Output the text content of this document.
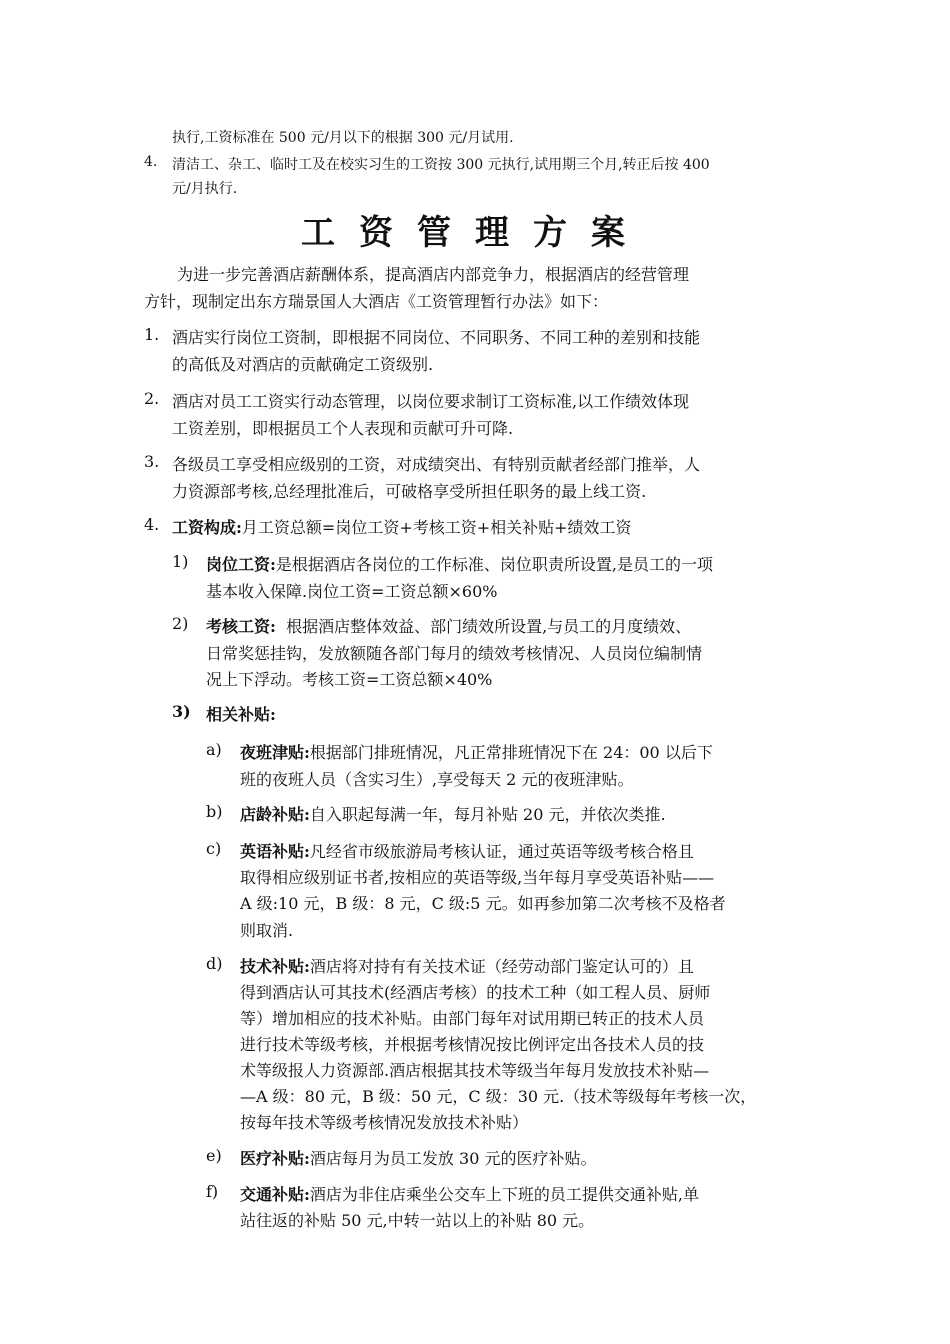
执行,工资标准在 500 元/月以下的根据 300 元/月试用.
4. 清洁工、杂工、临时工及在校实习生的工资按 300 元执行,试用期三个月,转正后按 400
元/月执行.
工资管理方案
为进一步完善酒店薪酬体系，提高酒店内部竞争力，根据酒店的经营管理
方针，现制定出东方瑞景国人大酒店《工资管理暂行办法》如下：
1. 酒店实行岗位工资制，即根据不同岗位、不同职务、不同工种的差别和技能
的高低及对酒店的贡献确定工资级别.
2. 酒店对员工工资实行动态管理，以岗位要求制订工资标准,以工作绩效体现
工资差别，即根据员工个人表现和贡献可升可降.
3. 各级员工享受相应级别的工资，对成绩突出、有特别贡献者经部门推举，人
力资源部考核,总经理批准后，可破格享受所担任职务的最上线工资.
4. 工资构成:月工资总额=岗位工资+考核工资+相关补贴+绩效工资
1) 岗位工资:是根据酒店各岗位的工作标准、岗位职责所设置,是员工的一项
基本收入保障.岗位工资=工资总额×60%
2) 考核工资:  根据酒店整体效益、部门绩效所设置,与员工的月度绩效、
日常奖惩挂钩，发放额随各部门每月的绩效考核情况、人员岗位编制情
况上下浮动。考核工资=工资总额×40%
3) 相关补贴:
a) 夜班津贴:根据部门排班情况，凡正常排班情况下在 24：00 以后下
班的夜班人员（含实习生）,享受每天 2 元的夜班津贴。
b) 店龄补贴:自入职起每满一年，每月补贴 20 元，并依次类推.
c) 英语补贴:凡经省市级旅游局考核认证，通过英语等级考核合格且
取得相应级别证书者,按相应的英语等级,当年每月享受英语补贴——
A 级:10 元，B 级：8 元，C 级:5 元。如再参加第二次考核不及格者
则取消.
d) 技术补贴:酒店将对持有有关技术证（经劳动部门鉴定认可的）且
得到酒店认可其技术(经酒店考核）的技术工种（如工程人员、厨师
等）增加相应的技术补贴。由部门每年对试用期已转正的技术人员
进行技术等级考核，并根据考核情况按比例评定出各技术人员的技
术等级报人力资源部.酒店根据其技术等级当年每月发放技术补贴—
—A 级：80 元，B 级：50 元，C 级：30 元.（技术等级每年考核一次，
按每年技术等级考核情况发放技术补贴）
e) 医疗补贴:酒店每月为员工发放 30 元的医疗补贴。
f) 交通补贴:酒店为非住店乘坐公交车上下班的员工提供交通补贴,单
站往返的补贴 50 元,中转一站以上的补贴 80 元。
